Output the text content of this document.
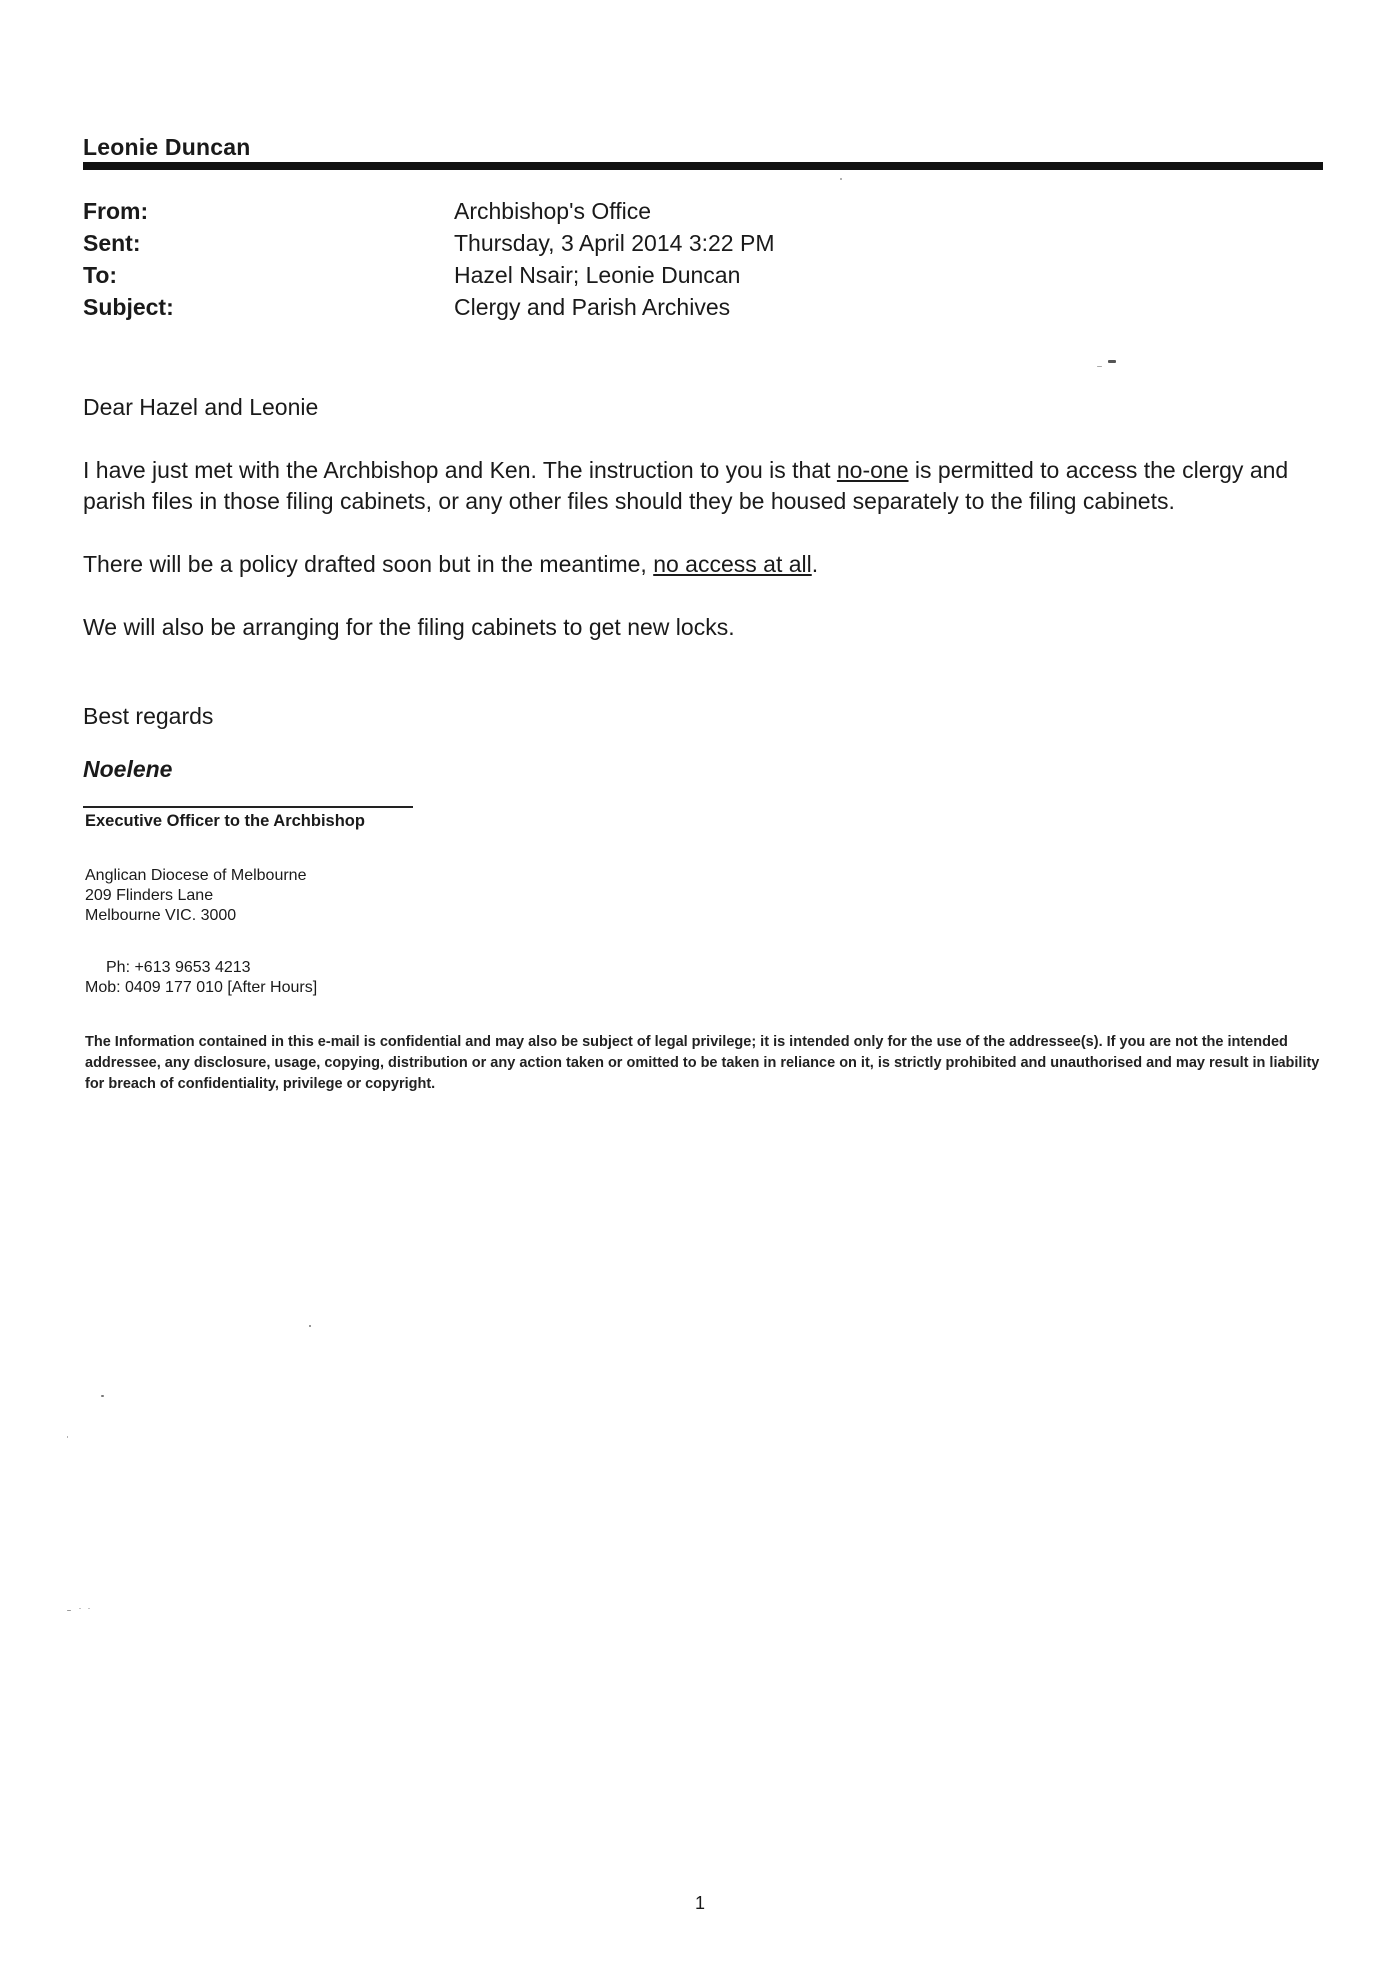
Leonie Duncan
From:	Archbishop's Office
Sent:	Thursday, 3 April 2014 3:22 PM
To:	Hazel Nsair; Leonie Duncan
Subject:	Clergy and Parish Archives
Dear Hazel and Leonie
I have just met with the Archbishop and Ken. The instruction to you is that no-one is permitted to access the clergy and parish files in those filing cabinets, or any other files should they be housed separately to the filing cabinets.
There will be a policy drafted soon but in the meantime, no access at all.
We will also be arranging for the filing cabinets to get new locks.
Best regards
Noelene
Executive Officer to the Archbishop
Anglican Diocese of Melbourne
209 Flinders Lane
Melbourne VIC. 3000
Ph: +613 9653 4213
Mob: 0409 177 010 [After Hours]
The Information contained in this e-mail is confidential and may also be subject of legal privilege; it is intended only for the use of the addressee(s). If you are not the intended addressee, any disclosure, usage, copying, distribution or any action taken or omitted to be taken in reliance on it, is strictly prohibited and unauthorised and may result in liability for breach of confidentiality, privilege or copyright.
1
